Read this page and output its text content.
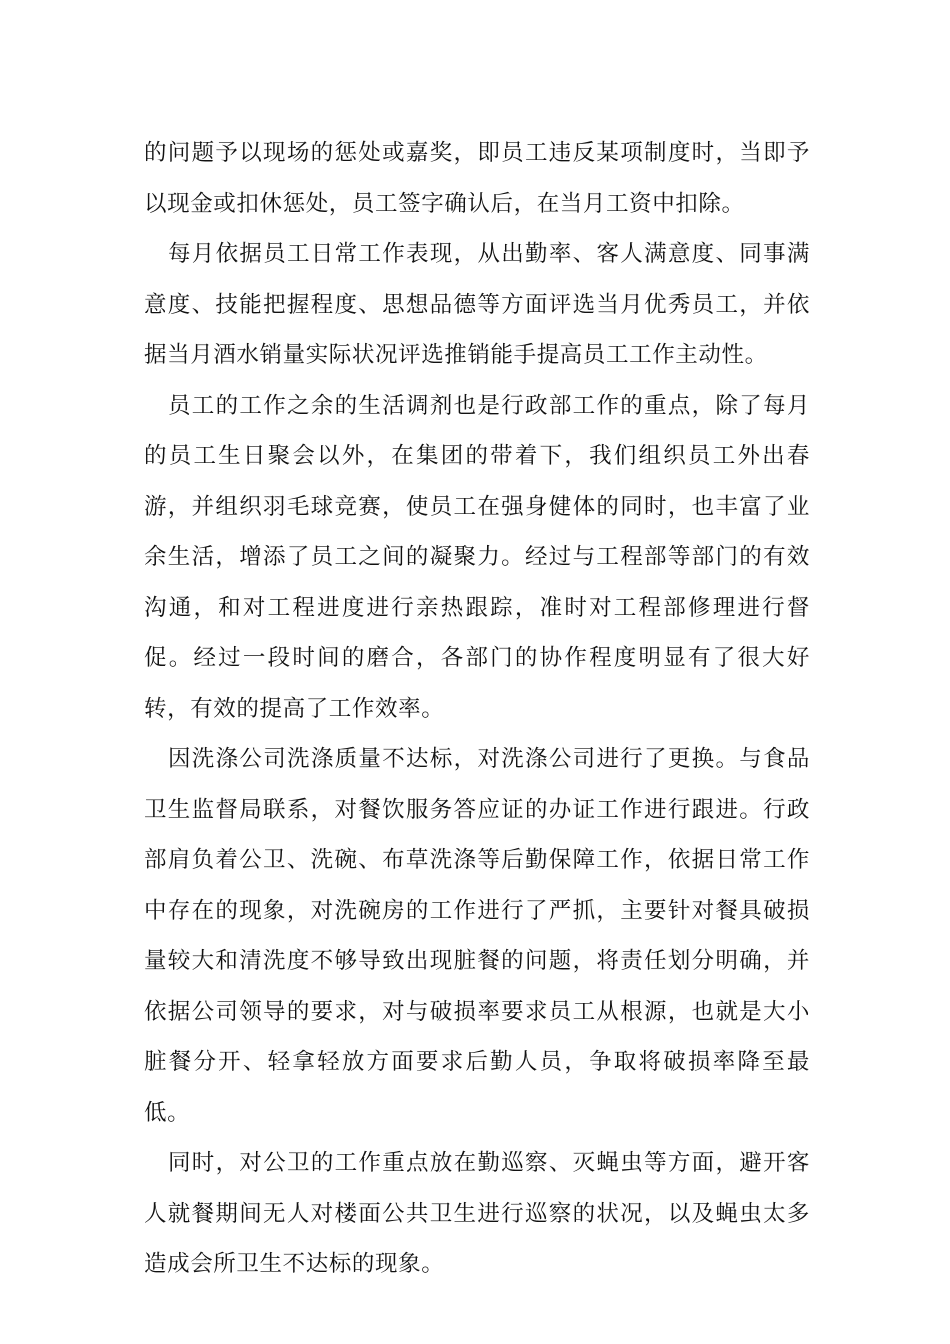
的问题予以现场的惩处或嘉奖，即员工违反某项制度时，当即予以现金或扣休惩处，员工签字确认后，在当月工资中扣除。

每月依据员工日常工作表现，从出勤率、客人满意度、同事满意度、技能把握程度、思想品德等方面评选当月优秀员工，并依据当月酒水销量实际状况评选推销能手提高员工工作主动性。

员工的工作之余的生活调剂也是行政部工作的重点，除了每月的员工生日聚会以外，在集团的带着下，我们组织员工外出春游，并组织羽毛球竞赛，使员工在强身健体的同时，也丰富了业余生活，增添了员工之间的凝聚力。经过与工程部等部门的有效沟通，和对工程进度进行亲热跟踪，准时对工程部修理进行督促。经过一段时间的磨合，各部门的协作程度明显有了很大好转，有效的提高了工作效率。

因洗涤公司洗涤质量不达标，对洗涤公司进行了更换。与食品卫生监督局联系，对餐饮服务答应证的办证工作进行跟进。行政部肩负着公卫、洗碗、布草洗涤等后勤保障工作，依据日常工作中存在的现象，对洗碗房的工作进行了严抓，主要针对餐具破损量较大和清洗度不够导致出现脏餐的问题，将责任划分明确，并依据公司领导的要求，对与破损率要求员工从根源，也就是大小脏餐分开、轻拿轻放方面要求后勤人员，争取将破损率降至最低。

同时，对公卫的工作重点放在勤巡察、灭蝇虫等方面，避开客人就餐期间无人对楼面公共卫生进行巡察的状况，以及蝇虫太多造成会所卫生不达标的现象。
